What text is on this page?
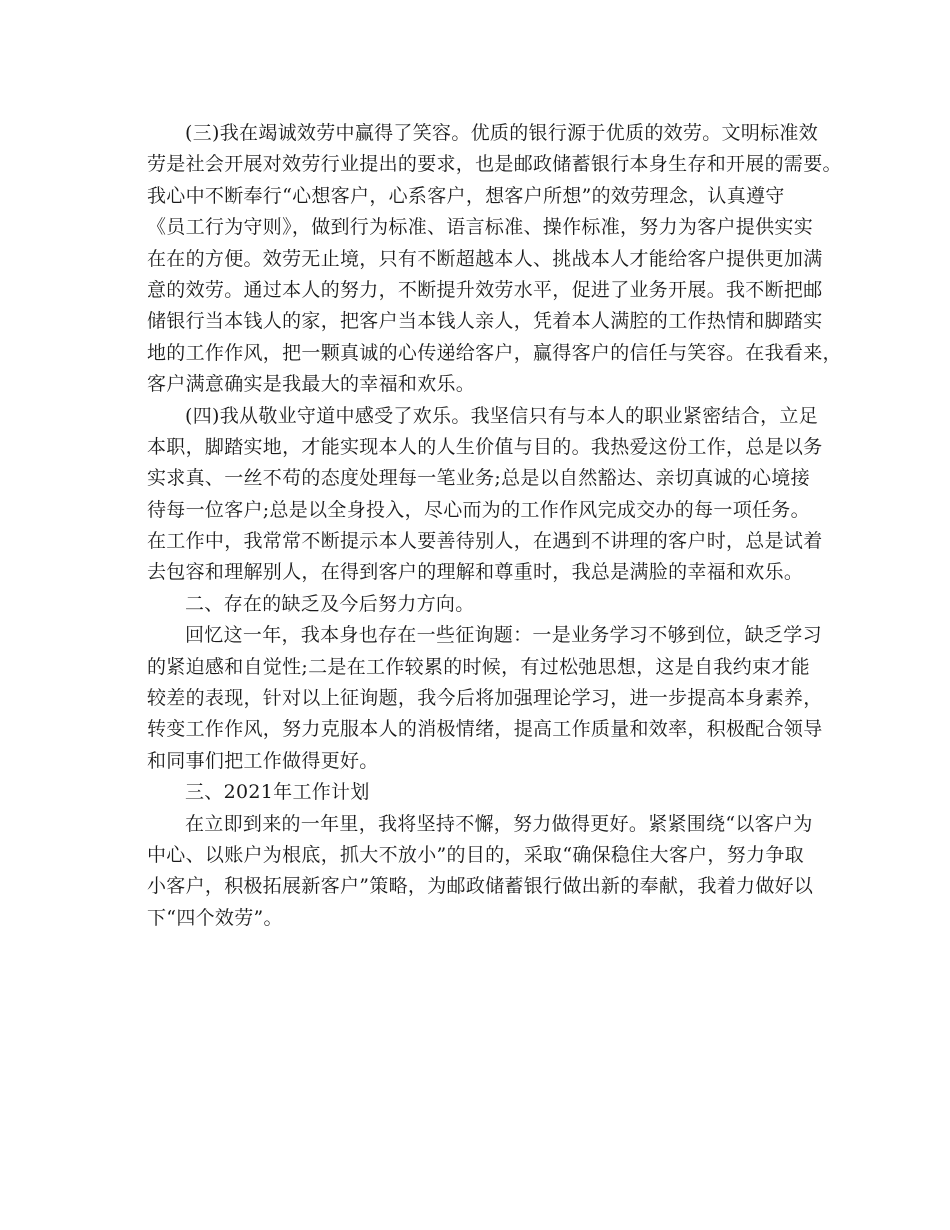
(三)我在竭诚效劳中赢得了笑容。优质的银行源于优质的效劳。文明标准效
劳是社会开展对效劳行业提出的要求，也是邮政储蓄银行本身生存和开展的需要。
我心中不断奉行“心想客户，心系客户，想客户所想”的效劳理念，认真遵守
《员工行为守则》，做到行为标准、语言标准、操作标准，努力为客户提供实实
在在的方便。效劳无止境，只有不断超越本人、挑战本人才能给客户提供更加满
意的效劳。通过本人的努力，不断提升效劳水平，促进了业务开展。我不断把邮
储银行当本钱人的家，把客户当本钱人亲人，凭着本人满腔的工作热情和脚踏实
地的工作作风，把一颗真诚的心传递给客户，赢得客户的信任与笑容。在我看来，
客户满意确实是我最大的幸福和欢乐。
(四)我从敬业守道中感受了欢乐。我坚信只有与本人的职业紧密结合，立足
本职，脚踏实地，才能实现本人的人生价值与目的。我热爱这份工作，总是以务
实求真、一丝不苟的态度处理每一笔业务;总是以自然豁达、亲切真诚的心境接
待每一位客户;总是以全身投入，尽心而为的工作作风完成交办的每一项任务。
在工作中，我常常不断提示本人要善待别人，在遇到不讲理的客户时，总是试着
去包容和理解别人，在得到客户的理解和尊重时，我总是满脸的幸福和欢乐。
二、存在的缺乏及今后努力方向。
回忆这一年，我本身也存在一些征询题：一是业务学习不够到位，缺乏学习
的紧迫感和自觉性;二是在工作较累的时候，有过松弛思想，这是自我约束才能
较差的表现，针对以上征询题，我今后将加强理论学习，进一步提高本身素养，
转变工作作风，努力克服本人的消极情绪，提高工作质量和效率，积极配合领导
和同事们把工作做得更好。
三、2021年工作计划
在立即到来的一年里，我将坚持不懈，努力做得更好。紧紧围绕“以客户为
中心、以账户为根底，抓大不放小”的目的，采取“确保稳住大客户，努力争取
小客户，积极拓展新客户”策略，为邮政储蓄银行做出新的奉献，我着力做好以
下“四个效劳”。
